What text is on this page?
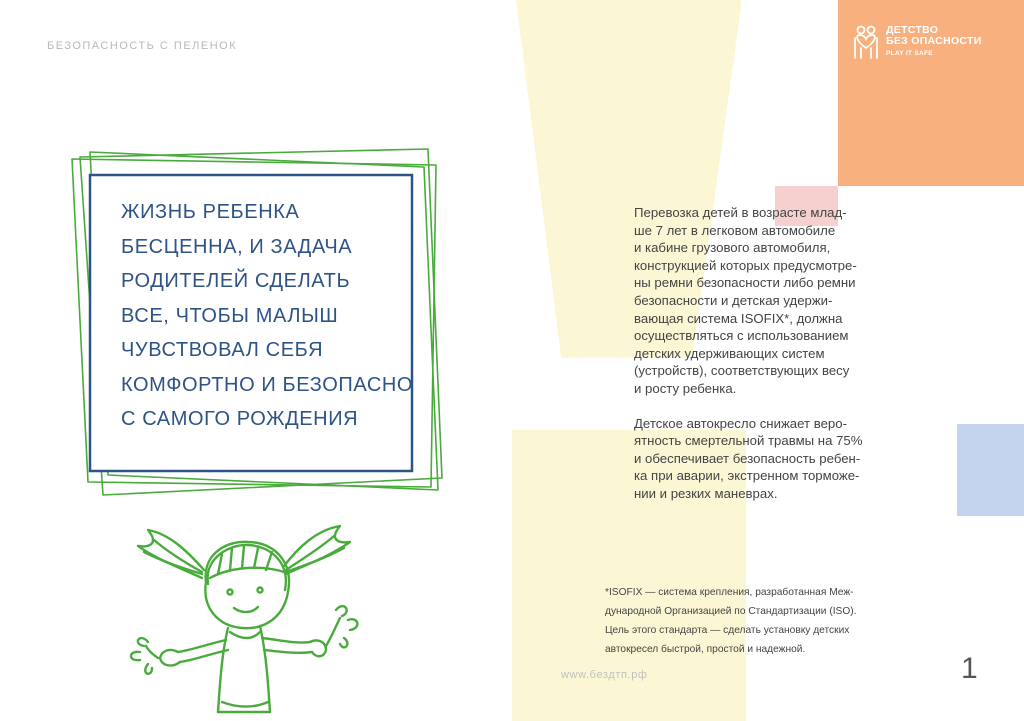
БЕЗОПАСНОСТЬ С ПЕЛЕНОК
ДЕТСТВО
БЕЗ ОПАСНОСТИ
PLAY IT SAFE
ЖИЗНЬ РЕБЕНКА
БЕСЦЕННА, И ЗАДАЧА
РОДИТЕЛЕЙ СДЕЛАТЬ
ВСЕ, ЧТОБЫ МАЛЫШ
ЧУВСТВОВАЛ СЕБЯ
КОМФОРТНО И БЕЗОПАСНО
С САМОГО РОЖДЕНИЯ
Перевозка детей в возрасте млад-
ше 7 лет в легковом автомобиле
и кабине грузового автомобиля,
конструкцией которых предусмотре-
ны ремни безопасности либо ремни
безопасности и детская удержи-
вающая система ISOFIX*, должна
осуществляться с использованием
детских удерживающих систем
(устройств), соответствующих весу
и росту ребенка.
Детское автокресло снижает веро-
ятность смертельной травмы на 75%
и обеспечивает безопасность ребен-
ка при аварии, экстренном торможе-
нии и резких маневрах.
*ISOFIX — система крепления, разработанная Меж-
дународной Организацией по Стандартизации (ISO).
Цель этого стандарта — сделать установку детских
автокресел быстрой, простой и надежной.
www.бездтп.рф	1
